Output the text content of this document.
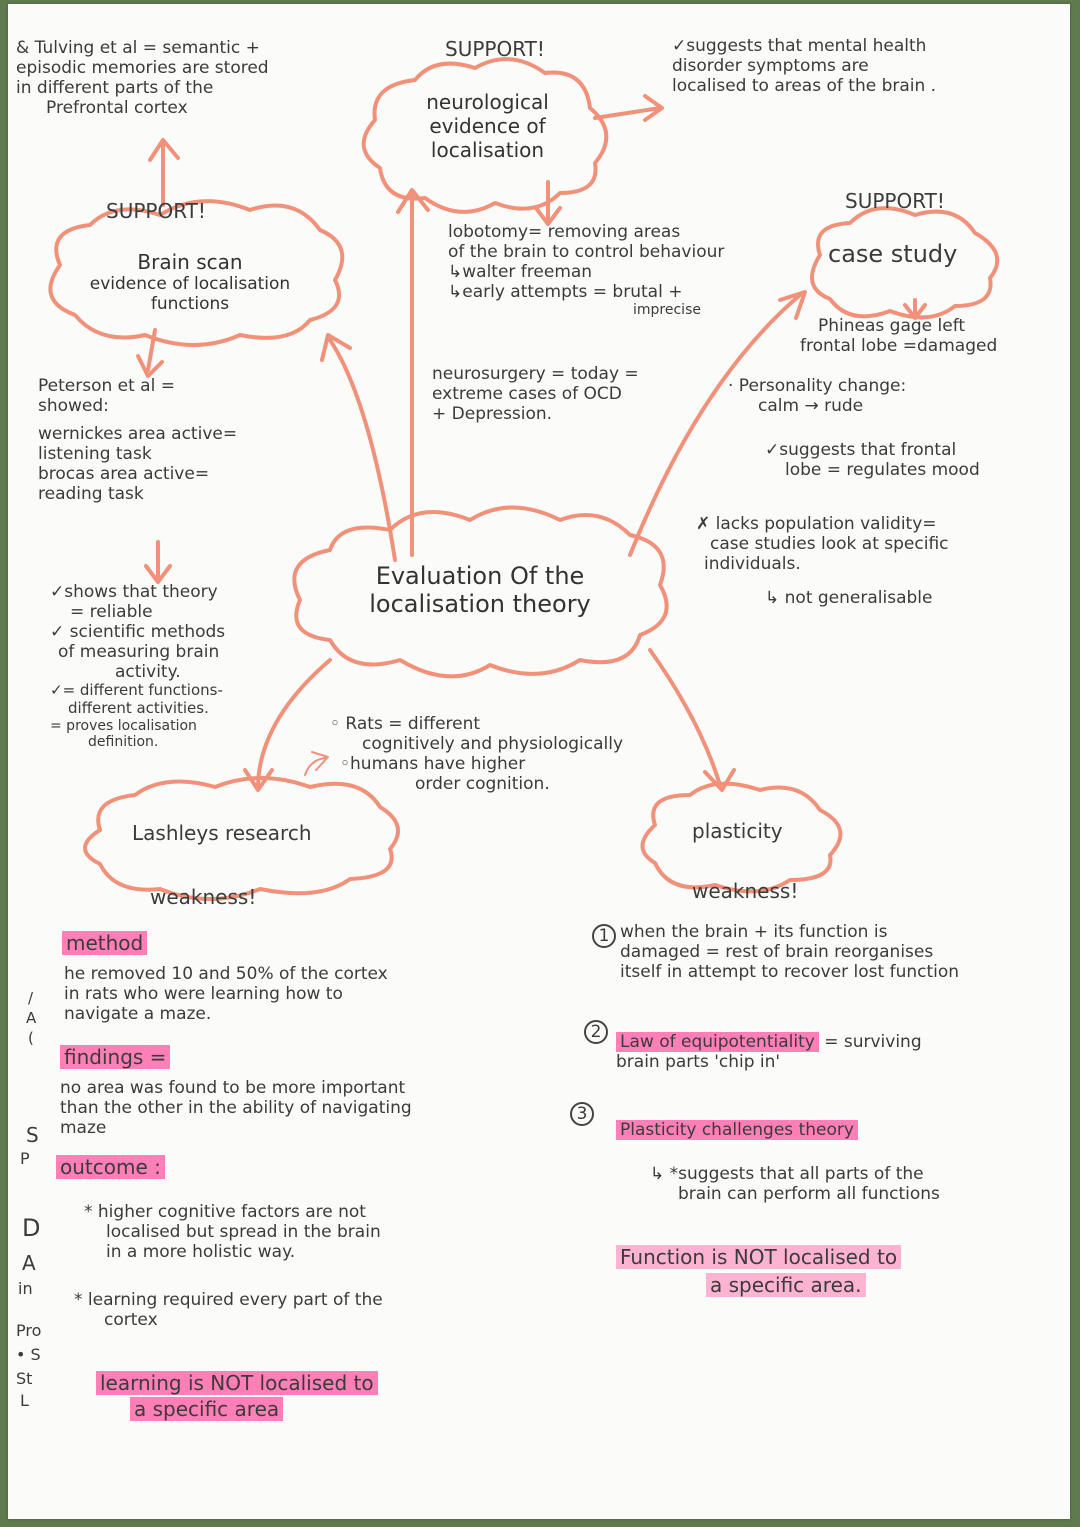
Evaluation Of the
localisation theory
SUPPORT!
neurological
evidence of
localisation
✓suggests that mental health
disorder symptoms are
localised to areas of the brain .
lobotomy= removing areas
of the brain to control behaviour
↳walter freeman
↳early attempts = brutal +
imprecise
neurosurgery = today =
extreme cases of OCD
+ Depression.
& Tulving et al = semantic +
episodic memories are stored
in different parts of the
Prefrontal cortex
SUPPORT!
Brain scan
evidence of localisation
functions
Peterson et al =
showed:
wernickes area active=
listening task
brocas area active=
reading task
✓shows that theory
= reliable
✓ scientific methods
of measuring brain
activity.
✓= different functions-
different activities.
= proves localisation
definition.
SUPPORT!
case study
Phineas gage left
frontal lobe =damaged
· Personality change:
calm → rude
✓suggests that frontal
lobe = regulates mood
✗ lacks population validity=
case studies look at specific
individuals.
↳ not generalisable
◦ Rats = different
cognitively and physiologically
◦humans have higher
order cognition.
Lashleys research
weakness!
method
he removed 10 and 50% of the cortex
in rats who were learning how to
navigate a maze.
findings =
no area was found to be more important
than the other in the ability of navigating
maze
outcome :
* higher cognitive factors are not
localised but spread in the brain
in a more holistic way.
* learning required every part of the
cortex
learning is NOT localised to
a specific area
plasticity
weakness!
1 when the brain + its function is
damaged = rest of brain reorganises
itself in attempt to recover lost function
2	Law of equipotentiality = surviving
brain parts 'chip in'
3
Plasticity challenges theory
↳ *suggests that all parts of the
brain can perform all functions
Function is NOT localised to
a specific area.
/
A
(
S
P
D
A
in
Pro
• S
St
L
